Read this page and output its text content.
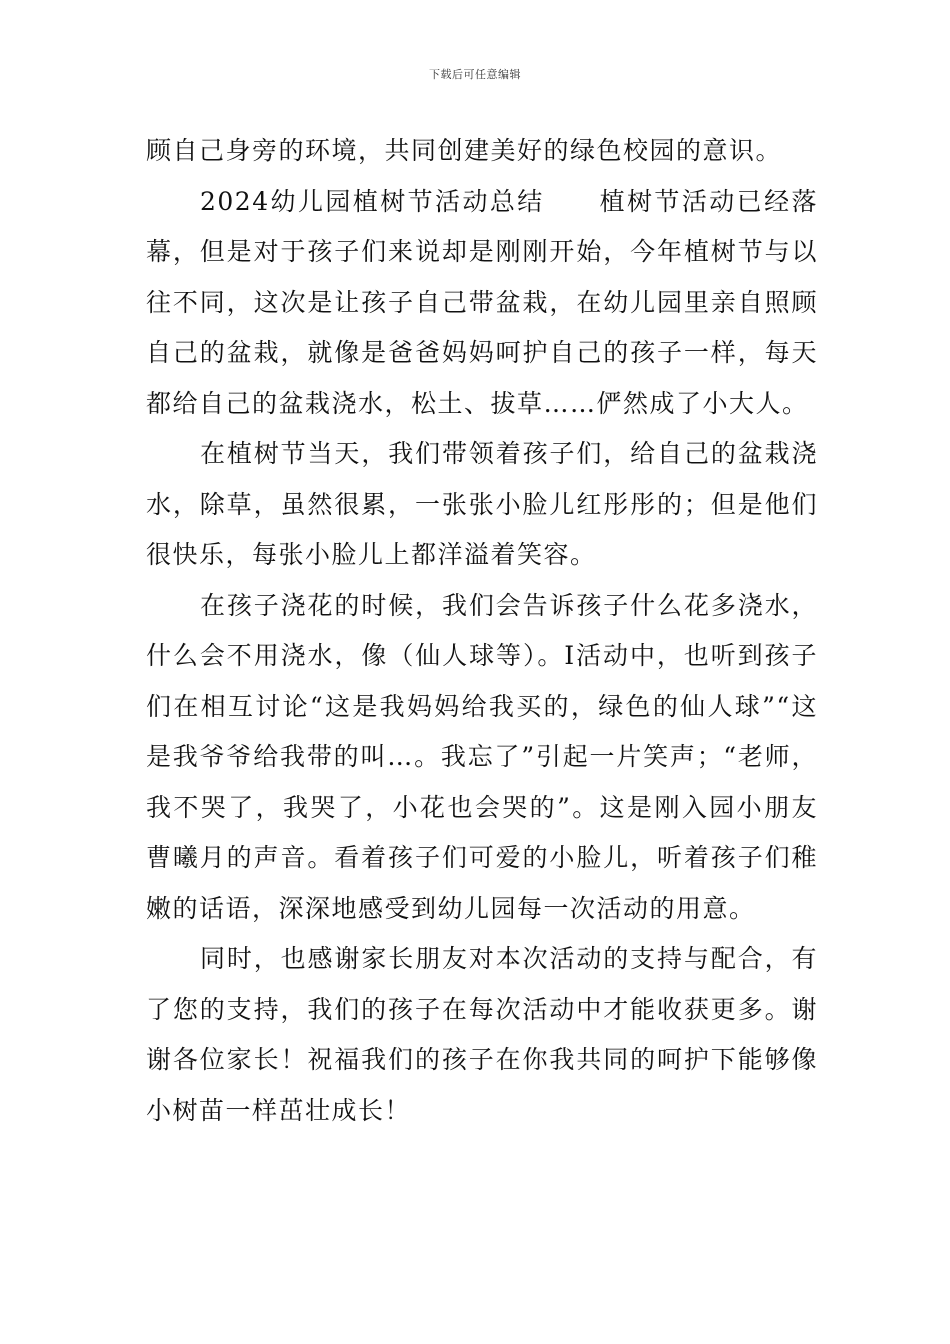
下载后可任意编辑

顾自己身旁的环境，共同创建美好的绿色校园的意识。

2024幼儿园植树节活动总结　　植树节活动已经落幕，但是对于孩子们来说却是刚刚开始，今年植树节与以往不同，这次是让孩子自己带盆栽，在幼儿园里亲自照顾自己的盆栽，就像是爸爸妈妈呵护自己的孩子一样，每天都给自己的盆栽浇水，松土、拔草……俨然成了小大人。

在植树节当天，我们带领着孩子们，给自己的盆栽浇水，除草，虽然很累，一张张小脸儿红彤彤的；但是他们很快乐，每张小脸儿上都洋溢着笑容。

在孩子浇花的时候，我们会告诉孩子什么花多浇水，什么会不用浇水，像（仙人球等）。I活动中，也听到孩子们在相互讨论“这是我妈妈给我买的，绿色的仙人球”“这是我爷爷给我带的叫…。我忘了”引起一片笑声；“老师，我不哭了，我哭了，小花也会哭的”。这是刚入园小朋友曹曦月的声音。看着孩子们可爱的小脸儿，听着孩子们稚嫩的话语，深深地感受到幼儿园每一次活动的用意。

同时，也感谢家长朋友对本次活动的支持与配合，有了您的支持，我们的孩子在每次活动中才能收获更多。谢谢各位家长！祝福我们的孩子在你我共同的呵护下能够像小树苗一样茁壮成长！
